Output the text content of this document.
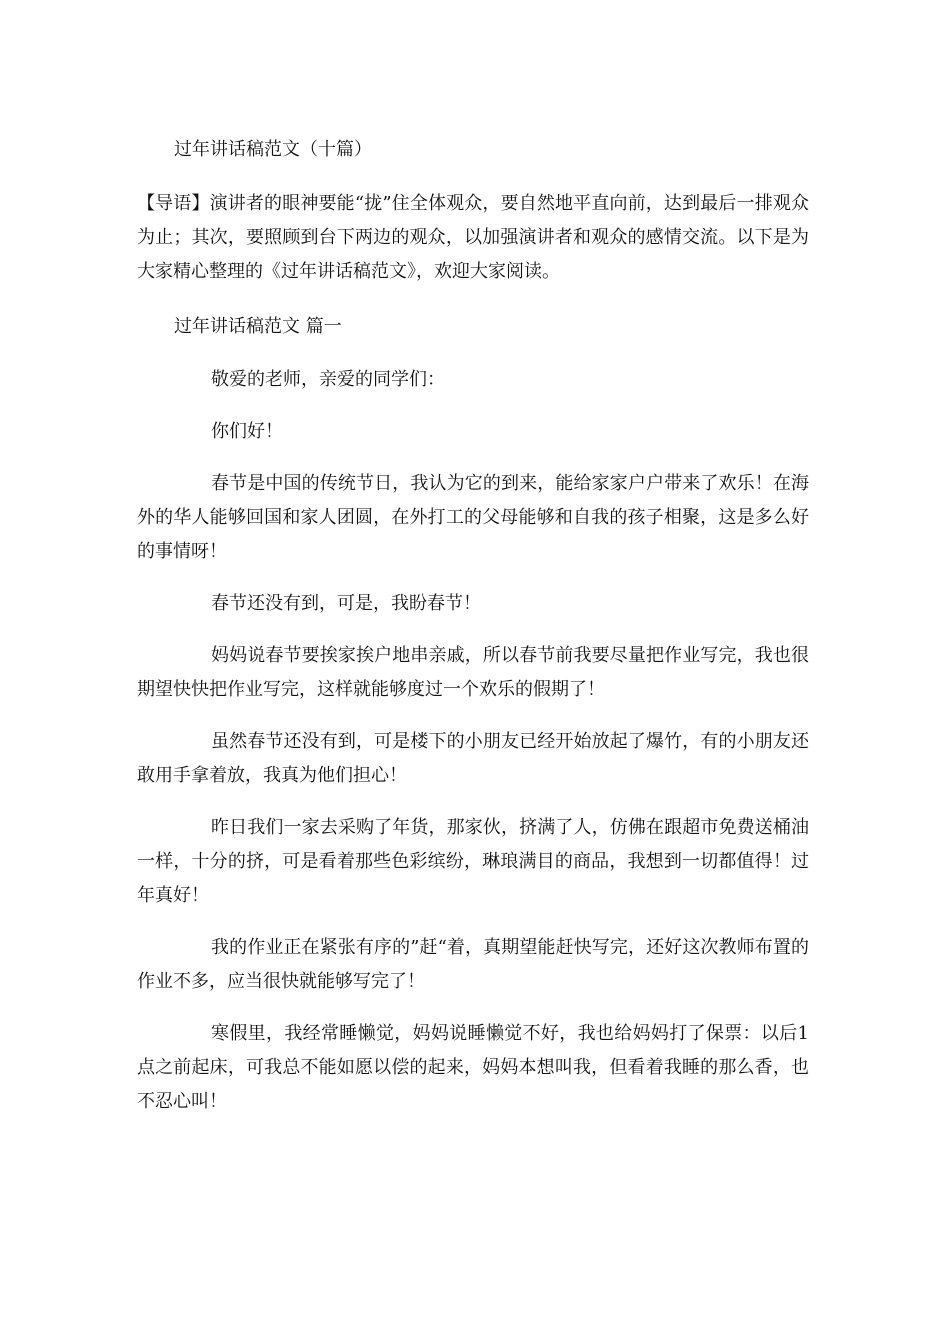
过年讲话稿范文（十篇）
【导语】演讲者的眼神要能“拢”住全体观众，要自然地平直向前，达到最后一排观众为止；其次，要照顾到台下两边的观众，以加强演讲者和观众的感情交流。以下是为大家精心整理的《过年讲话稿范文》，欢迎大家阅读。
过年讲话稿范文 篇一

敬爱的老师，亲爱的同学们：

你们好！

春节是中国的传统节日，我认为它的到来，能给家家户户带来了欢乐！在海外的华人能够回国和家人团圆，在外打工的父母能够和自我的孩子相聚，这是多么好的事情呀！

春节还没有到，可是，我盼春节！

妈妈说春节要挨家挨户地串亲戚，所以春节前我要尽量把作业写完，我也很期望快快把作业写完，这样就能够度过一个欢乐的假期了！

虽然春节还没有到，可是楼下的小朋友已经开始放起了爆竹，有的小朋友还敢用手拿着放，我真为他们担心！

昨日我们一家去采购了年货，那家伙，挤满了人，仿佛在跟超市免费送桶油一样，十分的挤，可是看着那些色彩缤纷，琳琅满目的商品，我想到一切都值得！过年真好！

我的作业正在紧张有序的”赶“着，真期望能赶快写完，还好这次教师布置的作业不多，应当很快就能够写完了！

寒假里，我经常睡懒觉，妈妈说睡懒觉不好，我也给妈妈打了保票：以后1点之前起床，可我总不能如愿以偿的起来，妈妈本想叫我，但看着我睡的那么香，也不忍心叫！
